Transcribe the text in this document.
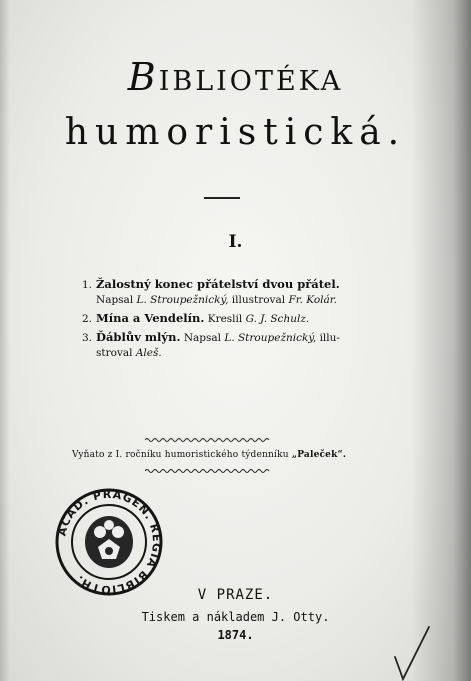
BIBLIOTÉKA
humoristická.
I.
1. Žalostný konec přátelství dvou přátel.
Napsal L. Stroupežnický, illustroval Fr. Kolár.
2. Mína a Vendelín. Kreslil G. J. Schulz.
3. Ďáblův mlýn. Napsal L. Stroupežnický, illu-
stroval Aleš.
Vyňato z I. ročníku humoristického týdenníku „Paleček“.
ACAD. PRAGEN. REGIA BIBLIOTH.
V PRAZE.
Tiskem a nákladem J. Otty.
1874.
